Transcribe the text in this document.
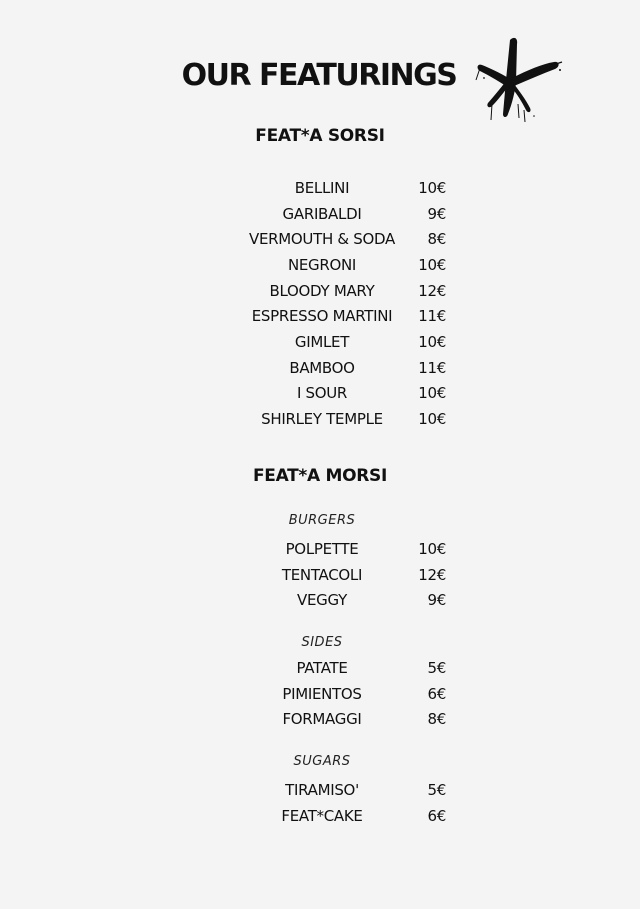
OUR FEATURINGS
FEAT*A SORSI
BELLINI	10€
GARIBALDI	9€
VERMOUTH & SODA	8€
NEGRONI	10€
BLOODY MARY	12€
ESPRESSO MARTINI	11€
GIMLET	10€
BAMBOO	11€
I SOUR	10€
SHIRLEY TEMPLE	10€
FEAT*A MORSI
BURGERS
POLPETTE	10€
TENTACOLI	12€
VEGGY	9€
SIDES
PATATE	5€
PIMIENTOS	6€
FORMAGGI	8€
SUGARS
TIRAMISO'	5€
FEAT*CAKE	6€
